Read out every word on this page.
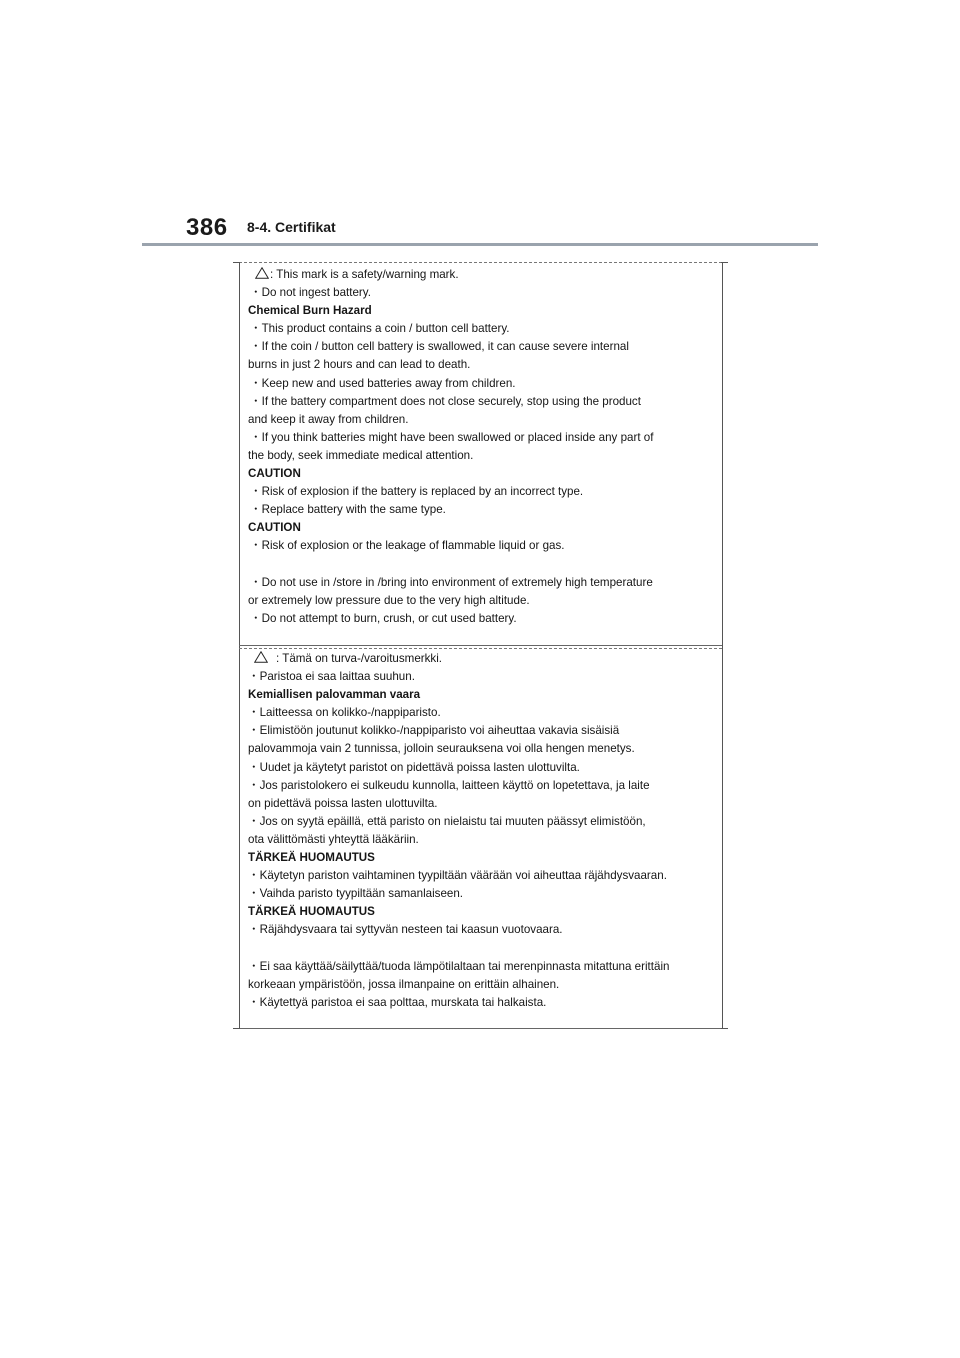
386 8-4. Certifikat

: This mark is a safety/warning mark.

・Do not ingest battery.

Chemical Burn Hazard

・This product contains a coin / button cell battery.

・If the coin / button cell battery is swallowed, it can cause severe internal

burns in just 2 hours and can lead to death.

・Keep new and used batteries away from children.

・If the battery compartment does not close securely, stop using the product

and keep it away from children.

・If you think batteries might have been swallowed or placed inside any part of

the body, seek immediate medical attention.

CAUTION

・Risk of explosion if the battery is replaced by an incorrect type.

・Replace battery with the same type.

CAUTION

・Risk of explosion or the leakage of flammable liquid or gas.

・Do not use in /store in /bring into environment of extremely high temperature

or extremely low pressure due to the very high altitude.

・Do not attempt to burn, crush, or cut used battery.

: Tämä on turva-/varoitusmerkki.

・Paristoa ei saa laittaa suuhun.

Kemiallisen palovamman vaara

・Laitteessa on kolikko-/nappiparisto.

・Elimistöön joutunut kolikko-/nappiparisto voi aiheuttaa vakavia sisäisiä

palovammoja vain 2 tunnissa, jolloin seurauksena voi olla hengen menetys.

・Uudet ja käytetyt paristot on pidettävä poissa lasten ulottuvilta.

・Jos paristolokero ei sulkeudu kunnolla, laitteen käyttö on lopetettava, ja laite

on pidettävä poissa lasten ulottuvilta.

・Jos on syytä epäillä, että paristo on nielaistu tai muuten päässyt elimistöön,

ota välittömästi yhteyttä lääkäriin.

TÄRKEÄ HUOMAUTUS

・Käytetyn pariston vaihtaminen tyypiltään väärään voi aiheuttaa räjähdysvaaran.

・Vaihda paristo tyypiltään samanlaiseen.

TÄRKEÄ HUOMAUTUS

・Räjähdysvaara tai syttyvän nesteen tai kaasun vuotovaara.

・Ei saa käyttää/säilyttää/tuoda lämpötilaltaan tai merenpinnasta mitattuna erittäin

korkeaan ympäristöön, jossa ilmanpaine on erittäin alhainen.

・Käytettyä paristoa ei saa polttaa, murskata tai halkaista.
